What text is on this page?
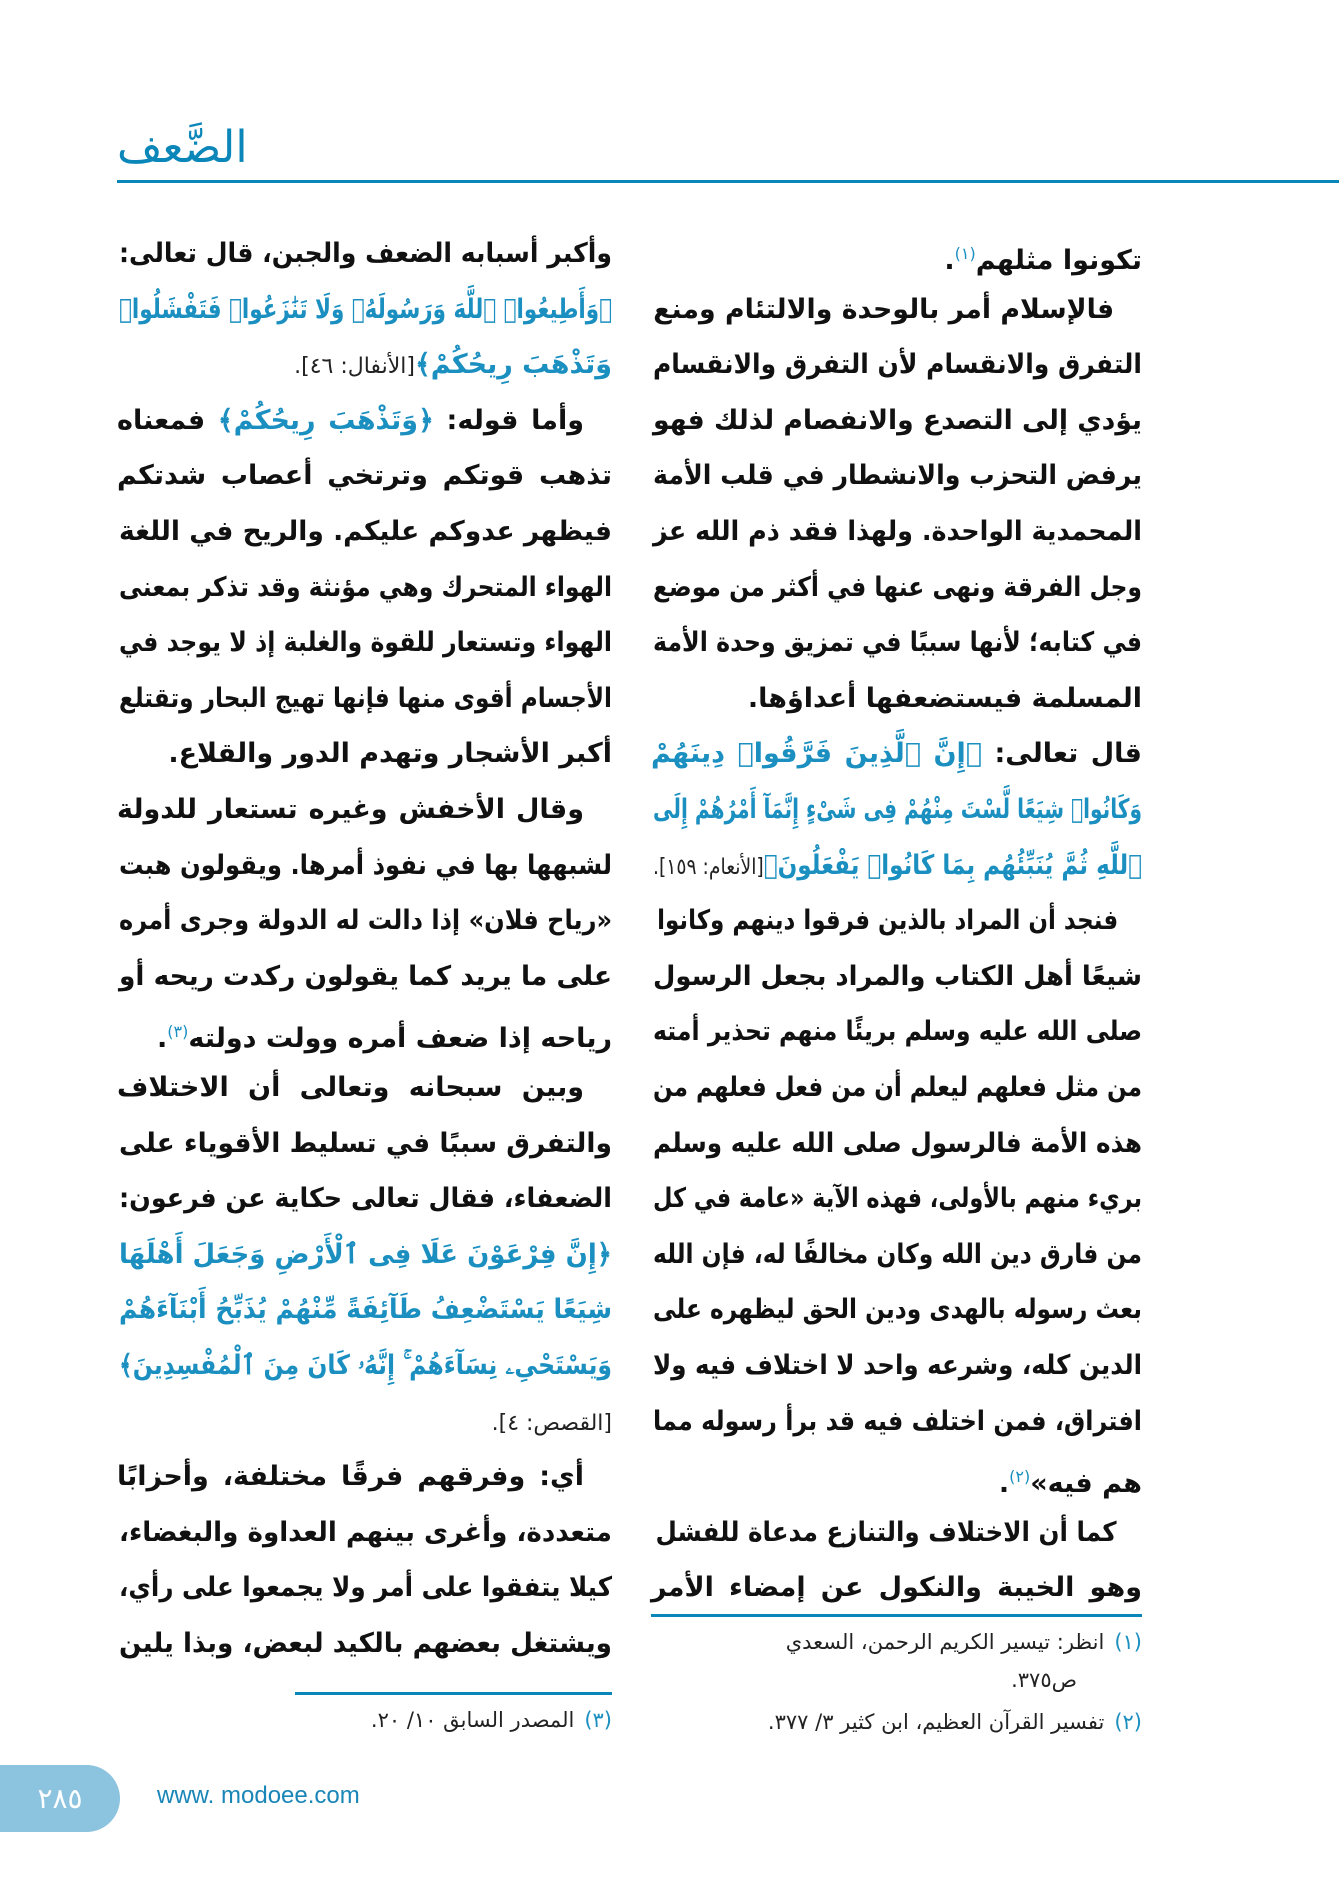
الضَّعف
تكونوا مثلهم$^{(١)}$.
فالإسلام أمر بالوحدة والالتئام ومنع
التفرق والانقسام لأن التفرق والانقسام
يؤدي إلى التصدع والانفصام لذلك فهو
يرفض التحزب والانشطار في قلب الأمة
المحمدية الواحدة. ولهذا فقد ذم الله عز
وجل الفرقة ونهى عنها في أكثر من موضع
في كتابه؛ لأنها سببًا في تمزيق وحدة الأمة
المسلمة فيستضعفها أعداؤها.
قال تعالى: ﴿إِنَّ ٱلَّذِينَ فَرَّقُوا۟ دِينَهُمْ
وَكَانُوا۟ شِيَعًا لَّسْتَ مِنْهُمْ فِى شَىْءٍ إِنَّمَآ أَمْرُهُمْ إِلَى
ٱللَّهِ ثُمَّ يُنَبِّئُهُم بِمَا كَانُوا۟ يَفْعَلُونَ﴾[الأنعام: ١٥٩].
فنجد أن المراد بالذين فرقوا دينهم وكانوا
شيعًا أهل الكتاب والمراد بجعل الرسول
صلى الله عليه وسلم بريئًا منهم تحذير أمته
من مثل فعلهم ليعلم أن من فعل فعلهم من
هذه الأمة فالرسول صلى الله عليه وسلم
بريء منهم بالأولى، فهذه الآية «عامة في كل
من فارق دين الله وكان مخالفًا له، فإن الله
بعث رسوله بالهدى ودين الحق ليظهره على
الدين كله، وشرعه واحد لا اختلاف فيه ولا
افتراق، فمن اختلف فيه قد برأ رسوله مما
هم فيه»$^{(٢)}$.
كما أن الاختلاف والتنازع مدعاة للفشل
وهو الخيبة والنكول عن إمضاء الأمر
وأكبر أسبابه الضعف والجبن، قال تعالى:
﴿وَأَطِيعُوا۟ ٱللَّهَ وَرَسُولَهُۥ وَلَا تَنَٰزَعُوا۟ فَتَفْشَلُوا۟
وَتَذْهَبَ رِيحُكُمْ﴾[الأنفال: ٤٦].
وأما قوله: ﴿وَتَذْهَبَ رِيحُكُمْ﴾ فمعناه
تذهب قوتكم وترتخي أعصاب شدتكم
فيظهر عدوكم عليكم. والريح في اللغة
الهواء المتحرك وهي مؤنثة وقد تذكر بمعنى
الهواء وتستعار للقوة والغلبة إذ لا يوجد في
الأجسام أقوى منها فإنها تهيج البحار وتقتلع
أكبر الأشجار وتهدم الدور والقلاع.
وقال الأخفش وغيره تستعار للدولة
لشبهها بها في نفوذ أمرها. ويقولون هبت
«رياح فلان» إذا دالت له الدولة وجرى أمره
على ما يريد كما يقولون ركدت ريحه أو
رياحه إذا ضعف أمره وولت دولته$^{(٣)}$.
وبين سبحانه وتعالى أن الاختلاف
والتفرق سببًا في تسليط الأقوياء على
الضعفاء، فقال تعالى حكاية عن فرعون:
﴿إِنَّ فِرْعَوْنَ عَلَا فِى ٱلْأَرْضِ وَجَعَلَ أَهْلَهَا
شِيَعًا يَسْتَضْعِفُ طَآئِفَةً مِّنْهُمْ يُذَبِّحُ أَبْنَآءَهُمْ
وَيَسْتَحْىِۦ نِسَآءَهُمْ ۚ إِنَّهُۥ كَانَ مِنَ ٱلْمُفْسِدِينَ﴾
[القصص: ٤].
أي: وفرقهم فرقًا مختلفة، وأحزابًا
متعددة، وأغرى بينهم العداوة والبغضاء،
كيلا يتفقوا على أمر ولا يجمعوا على رأي،
ويشتغل بعضهم بالكيد لبعض، وبذا يلين	(١)انظر: تيسير الكريم الرحمن، السعدي
ص٣٧٥.
(٢)تفسير القرآن العظيم، ابن كثير ٣/ ٣٧٧.
(٣)المصدر السابق ١٠/ ٢٠.
٢٨٥	www. modoee.com
